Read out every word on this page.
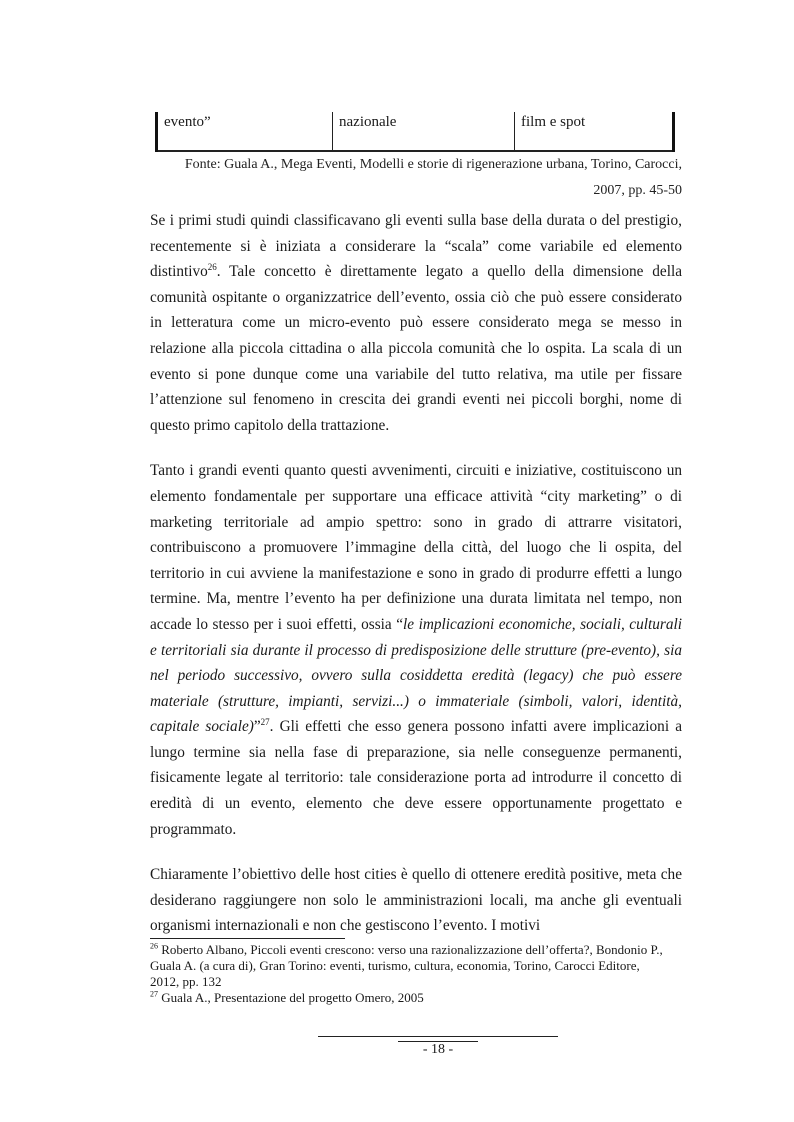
evento”	nazionale	film e spot
Fonte: Guala A., Mega Eventi, Modelli e storie di rigenerazione urbana, Torino, Carocci,
2007, pp. 45-50

Se i primi studi quindi classificavano gli eventi sulla base della durata o del prestigio, recentemente si è iniziata a considerare la “scala” come variabile ed elemento distintivo$^{26}$. Tale concetto è direttamente legato a quello della dimensione della comunità ospitante o organizzatrice dell’evento, ossia ciò che può essere considerato in letteratura come un micro-evento può essere considerato mega se messo in relazione alla piccola cittadina o alla piccola comunità che lo ospita. La scala di un evento si pone dunque come una variabile del tutto relativa, ma utile per fissare l’attenzione sul fenomeno in crescita dei grandi eventi nei piccoli borghi, nome di questo primo capitolo della trattazione.

Tanto i grandi eventi quanto questi avvenimenti, circuiti e iniziative, costituiscono un elemento fondamentale per supportare una efficace attività “city marketing” o di marketing territoriale ad ampio spettro: sono in grado di attrarre visitatori, contribuiscono a promuovere l’immagine della città, del luogo che li ospita, del territorio in cui avviene la manifestazione e sono in grado di produrre effetti a lungo termine. Ma, mentre l’evento ha per definizione una durata limitata nel tempo, non accade lo stesso per i suoi effetti, ossia “le implicazioni economiche, sociali, culturali e territoriali sia durante il processo di predisposizione delle strutture (pre-evento), sia nel periodo successivo, ovvero sulla cosiddetta eredità (legacy) che può essere materiale (strutture, impianti, servizi...) o immateriale (simboli, valori, identità, capitale sociale)”$^{27}$. Gli effetti che esso genera possono infatti avere implicazioni a lungo termine sia nella fase di preparazione, sia nelle conseguenze permanenti, fisicamente legate al territorio: tale considerazione porta ad introdurre il concetto di eredità di un evento, elemento che deve essere opportunamente progettato e programmato.

Chiaramente l’obiettivo delle host cities è quello di ottenere eredità positive, meta che desiderano raggiungere non solo le amministrazioni locali, ma anche gli eventuali organismi internazionali e non che gestiscono l’evento. I motivi

$^{26}$ Roberto Albano, Piccoli eventi crescono: verso una razionalizzazione dell’offerta?, Bondonio P., Guala A. (a cura di), Gran Torino: eventi, turismo, cultura, economia, Torino, Carocci Editore, 2012, pp. 132

$^{27}$ Guala A., Presentazione del progetto Omero, 2005

- 18 -
